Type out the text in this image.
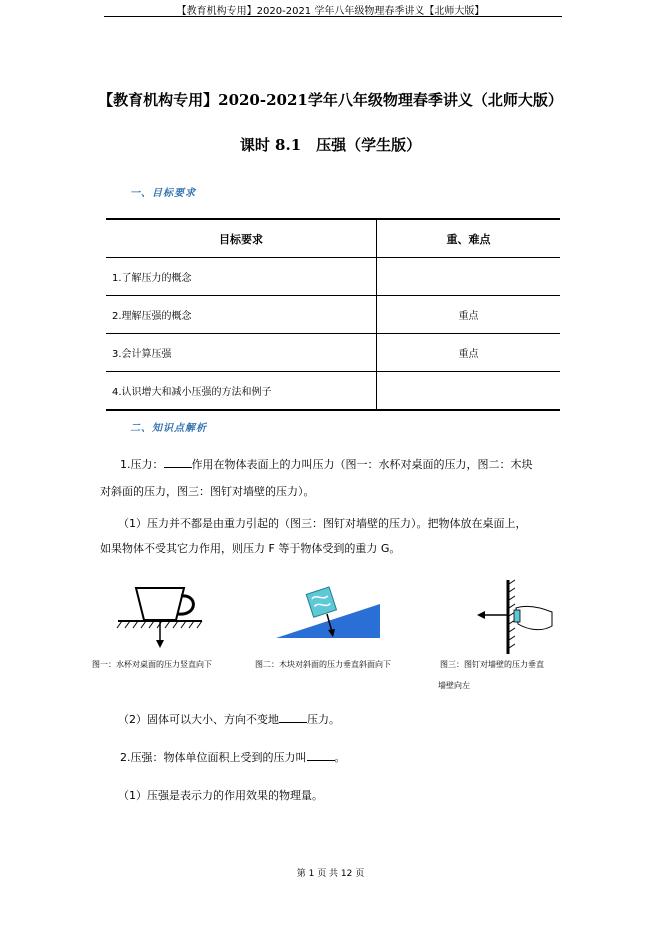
【教育机构专用】2020-2021 学年八年级物理春季讲义【北师大版】
【教育机构专用】2020-2021学年八年级物理春季讲义（北师大版）
课时 8.1　压强（学生版）
一、目标要求
目标要求	重、难点
1.了解压力的概念	
2.理解压强的概念	重点
3.会计算压强	重点
4.认识增大和减小压强的方法和例子	
二、知识点解析
1.压力：	作用在物体表面上的力叫压力（图一：水杯对桌面的压力，图二：木块
对斜面的压力，图三：图钉对墙壁的压力）。
（1）压力并不都是由重力引起的（图三：图钉对墙壁的压力）。把物体放在桌面上，
如果物体不受其它力作用，则压力 F 等于物体受到的重力 G。
图一：水杯对桌面的压力竖直向下	图二：木块对斜面的压力垂直斜面向下	图三：图钉对墙壁的压力垂直
墙壁向左
（2）固体可以大小、方向不变地	压力。
2.压强：物体单位面积上受到的压力叫	。
（1）压强是表示力的作用效果的物理量。
第 1 页 共 12 页
